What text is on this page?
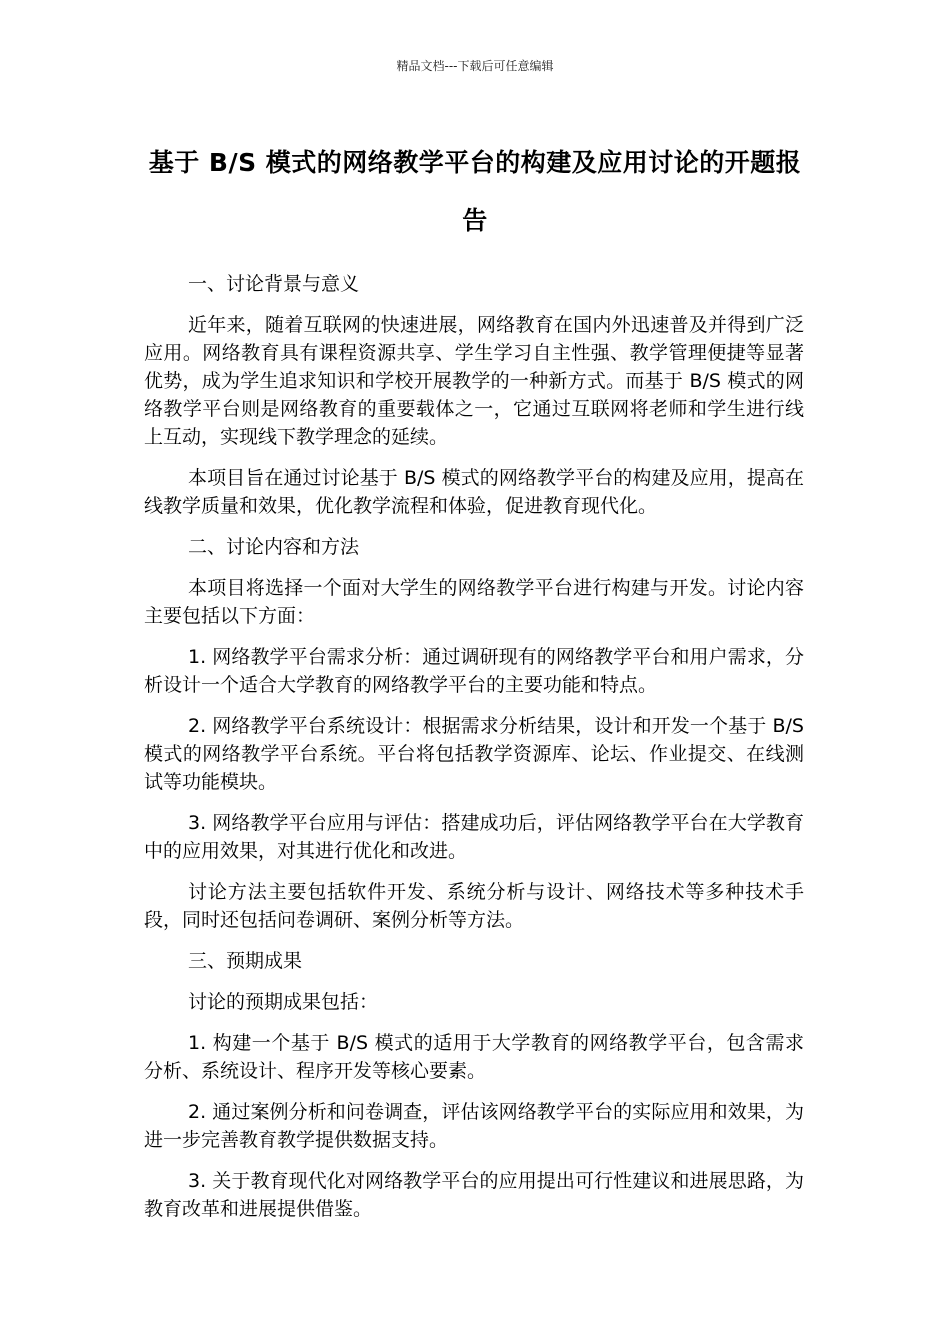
精品文档---下载后可任意编辑
基于 B/S 模式的网络教学平台的构建及应用讨论的开题报告

一、讨论背景与意义

近年来，随着互联网的快速进展，网络教育在国内外迅速普及并得到广泛应用。网络教育具有课程资源共享、学生学习自主性强、教学管理便捷等显著优势，成为学生追求知识和学校开展教学的一种新方式。而基于 B/S 模式的网络教学平台则是网络教育的重要载体之一，它通过互联网将老师和学生进行线上互动，实现线下教学理念的延续。

本项目旨在通过讨论基于 B/S 模式的网络教学平台的构建及应用，提高在线教学质量和效果，优化教学流程和体验，促进教育现代化。

二、讨论内容和方法

本项目将选择一个面对大学生的网络教学平台进行构建与开发。讨论内容主要包括以下方面：

1. 网络教学平台需求分析：通过调研现有的网络教学平台和用户需求，分析设计一个适合大学教育的网络教学平台的主要功能和特点。

2. 网络教学平台系统设计：根据需求分析结果，设计和开发一个基于 B/S 模式的网络教学平台系统。平台将包括教学资源库、论坛、作业提交、在线测试等功能模块。

3. 网络教学平台应用与评估：搭建成功后，评估网络教学平台在大学教育中的应用效果，对其进行优化和改进。

讨论方法主要包括软件开发、系统分析与设计、网络技术等多种技术手段，同时还包括问卷调研、案例分析等方法。

三、预期成果

讨论的预期成果包括：

1. 构建一个基于 B/S 模式的适用于大学教育的网络教学平台，包含需求分析、系统设计、程序开发等核心要素。

2. 通过案例分析和问卷调查，评估该网络教学平台的实际应用和效果，为进一步完善教育教学提供数据支持。

3. 关于教育现代化对网络教学平台的应用提出可行性建议和进展思路，为教育改革和进展提供借鉴。
